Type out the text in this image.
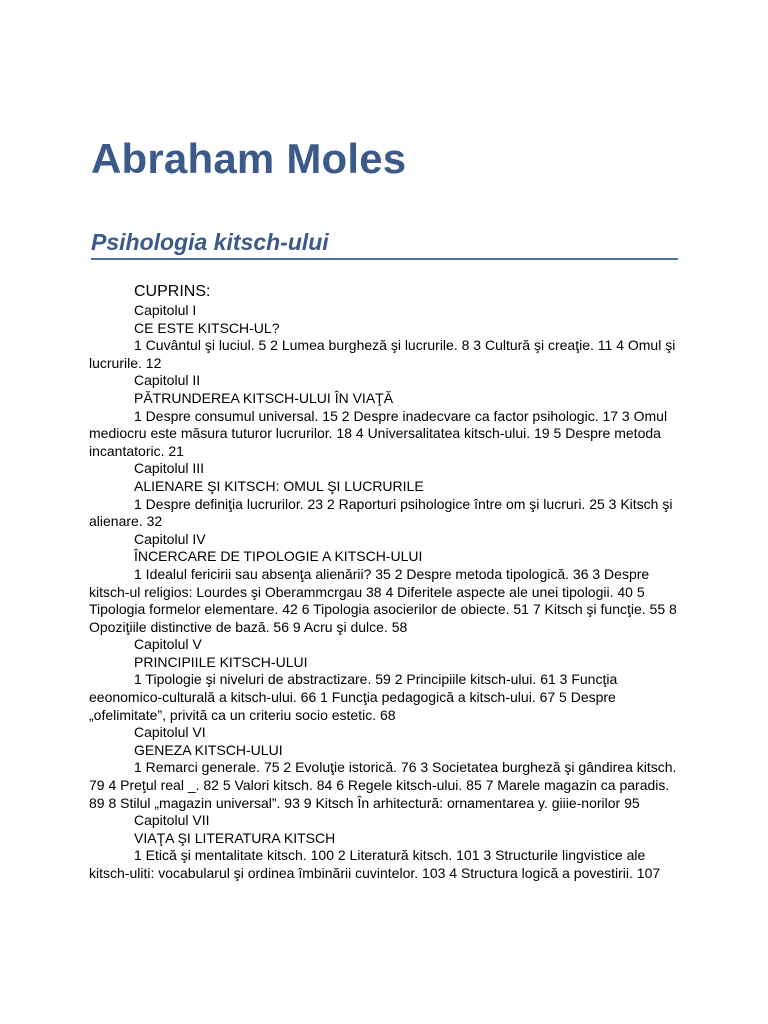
Abraham Moles
Psihologia kitsch-ului

CUPRINS:

Capitolul I

CE ESTE KITSCH-UL?

1 Cuvântul şi luciul. 5 2 Lumea burgheză şi lucrurile. 8 3 Cultură şi creaţie. 11 4 Omul şi lucrurile. 12

Capitolul II

PĂTRUNDEREA KITSCH-ULUI ÎN VIAŢĂ

1 Despre consumul universal. 15 2 Despre inadecvare ca factor psihologic. 17 3 Omul mediocru este măsura tuturor lucrurilor. 18 4 Universalitatea kitsch-ului. 19 5 Despre metoda incantatoric. 21

Capitolul III

ALIENARE ŞI KITSCH: OMUL ŞI LUCRURILE

1 Despre definiţia lucrurilor. 23 2 Raporturi psihologice între om şi lucruri. 25 3 Kitsch şi alienare. 32

Capitolul IV

ÎNCERCARE DE TIPOLOGIE A KITSCH-ULUI

1 Idealul fericirii sau absenţa alienării? 35 2 Despre metoda tipologică. 36 3 Despre kitsch-ul religios: Lourdes şi Oberammcrgau 38 4 Diferitele aspecte ale unei tipologii. 40 5 Tipologia formelor elementare. 42 6 Tipologia asocierilor de obiecte. 51 7 Kitsch şi funcţie. 55 8 Opoziţiile distinctive de bază. 56 9 Acru şi dulce. 58

Capitolul V

PRINCIPIILE KITSCH-ULUI

1 Tipologie şi niveluri de abstractizare. 59 2 Principiile kitsch-ului. 61 3 Funcţia eeonomico-culturală a kitsch-ului. 66 1 Funcţia pedagogică a kitsch-ului. 67 5 Despre „ofelimitate”, privită ca un criteriu socio estetic. 68

Capitolul VI

GENEZA KITSCH-ULUI

1 Remarci generale. 75 2 Evoluţie istorică. 76 3 Societatea burgheză şi gândirea kitsch. 79 4 Preţul real _. 82 5 Valori kitsch. 84 6 Regele kitsch-ului. 85 7 Marele magazin ca paradis. 89 8 Stilul „magazin universal”. 93 9 Kitsch În arhitectură: ornamentarea y. giiie-norilor 95

Capitolul VII

VIAŢA ŞI LITERATURA KITSCH

1 Etică şi mentalitate kitsch. 100 2 Literatură kitsch. 101 3 Structurile lingvistice ale kitsch-uliti: vocabularul şi ordinea îmbinării cuvintelor. 103 4 Structura logică a povestirii. 107
